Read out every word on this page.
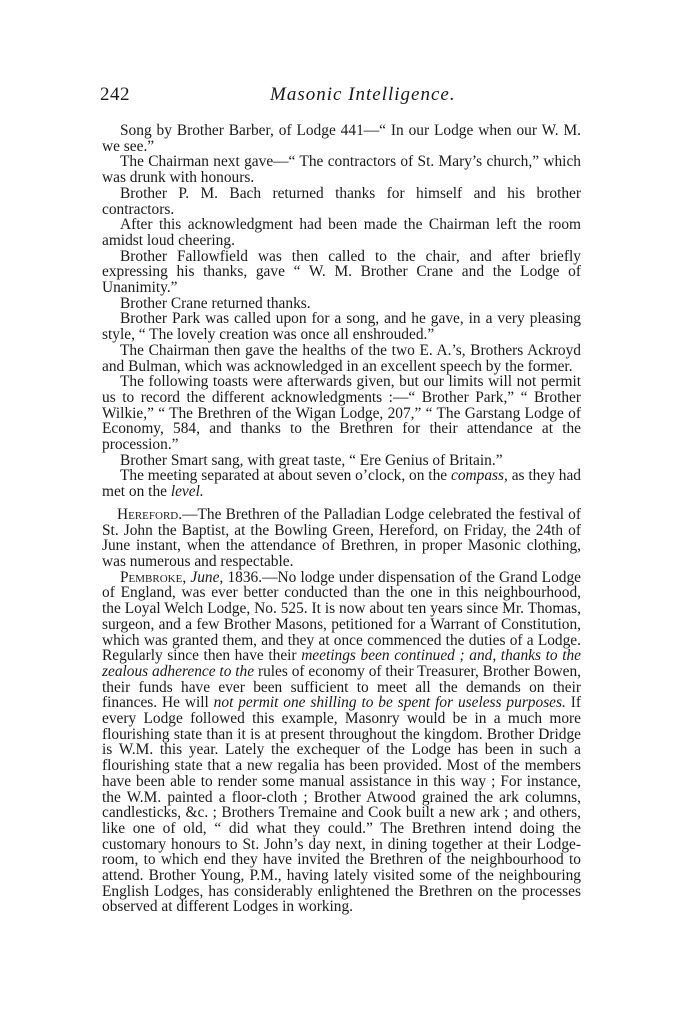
242	Masonic Intelligence.

Song by Brother Barber, of Lodge 441—“ In our Lodge when our W. M. we see.”

The Chairman next gave—“ The contractors of St. Mary’s church,” which was drunk with honours.

Brother P. M. Bach returned thanks for himself and his brother contractors.

After this acknowledgment had been made the Chairman left the room amidst loud cheering.

Brother Fallowfield was then called to the chair, and after briefly expressing his thanks, gave “ W. M. Brother Crane and the Lodge of Unanimity.”

Brother Crane returned thanks.

Brother Park was called upon for a song, and he gave, in a very pleasing style, “ The lovely creation was once all enshrouded.”

The Chairman then gave the healths of the two E. A.’s, Brothers Ackroyd and Bulman, which was acknowledged in an excellent speech by the former.

The following toasts were afterwards given, but our limits will not permit us to record the different acknowledgments :—“ Brother Park,” “ Brother Wilkie,” “ The Brethren of the Wigan Lodge, 207,” “ The Garstang Lodge of Economy, 584, and thanks to the Brethren for their attendance at the procession.”

Brother Smart sang, with great taste, “ Ere Genius of Britain.”

The meeting separated at about seven o’clock, on the compass, as they had met on the level.

Hereford.—The Brethren of the Palladian Lodge celebrated the festival of St. John the Baptist, at the Bowling Green, Hereford, on Friday, the 24th of June instant, when the attendance of Brethren, in proper Masonic clothing, was numerous and respectable.

Pembroke, June, 1836.—No lodge under dispensation of the Grand Lodge of England, was ever better conducted than the one in this neighbourhood, the Loyal Welch Lodge, No. 525. It is now about ten years since Mr. Thomas, surgeon, and a few Brother Masons, petitioned for a Warrant of Constitution, which was granted them, and they at once commenced the duties of a Lodge. Regularly since then have their meetings been continued ; and, thanks to the zealous adherence to the rules of economy of their Treasurer, Brother Bowen, their funds have ever been sufficient to meet all the demands on their finances. He will not permit one shilling to be spent for useless purposes. If every Lodge followed this example, Masonry would be in a much more flourishing state than it is at present throughout the kingdom. Brother Dridge is W.M. this year. Lately the exchequer of the Lodge has been in such a flourishing state that a new regalia has been provided. Most of the members have been able to render some manual assistance in this way ; For instance, the W.M. painted a floor-cloth ; Brother Atwood grained the ark columns, candlesticks, &c. ; Brothers Tremaine and Cook built a new ark ; and others, like one of old, “ did what they could.” The Brethren intend doing the customary honours to St. John’s day next, in dining together at their Lodge-room, to which end they have invited the Brethren of the neighbourhood to attend. Brother Young, P.M., having lately visited some of the neighbouring English Lodges, has considerably enlightened the Brethren on the processes observed at different Lodges in working.
